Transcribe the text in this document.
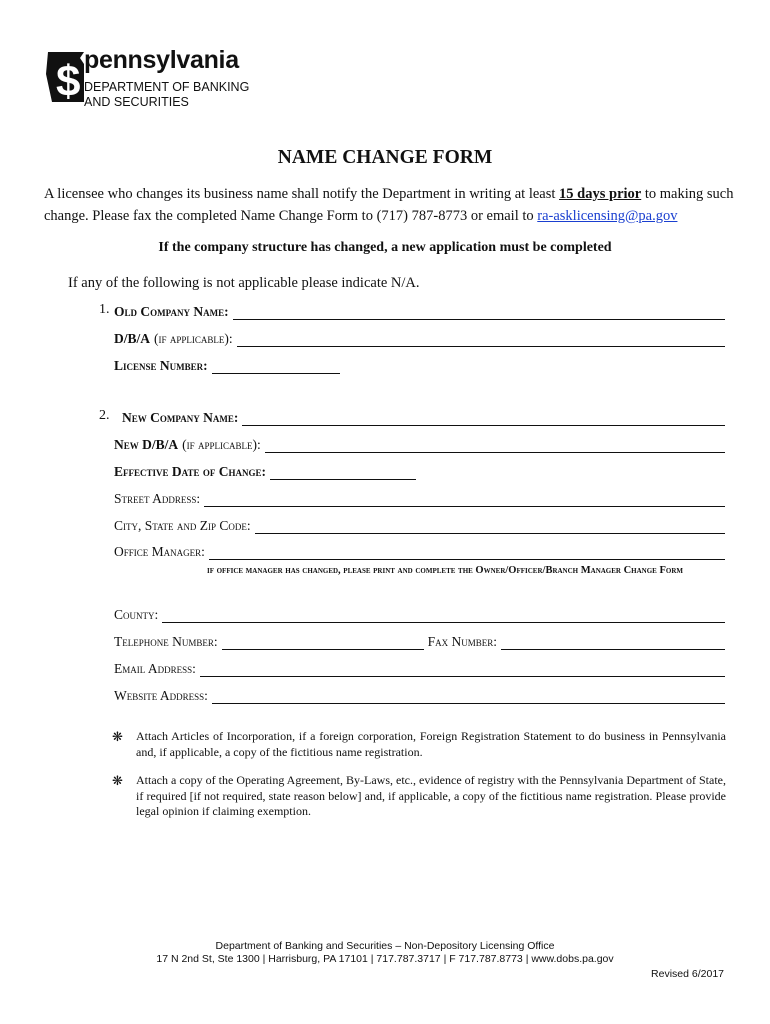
$ pennsylvania
DEPARTMENT OF BANKING
AND SECURITIES
NAME CHANGE FORM
A licensee who changes its business name shall notify the Department in writing at least 15 days prior to making such change. Please fax the completed Name Change Form to (717) 787-8773 or email to ra-asklicensing@pa.gov
If the company structure has changed, a new application must be completed
If any of the following is not applicable please indicate N/A.
1. Old Company Name:
D/B/A (if applicable):
License Number:
2. New Company Name:
New D/B/A (if applicable):
Effective Date of Change:
Street Address:
City, State and Zip Code:
Office Manager:
if office manager has changed, please print and complete the Owner/Officer/Branch Manager Change Form
County:
Telephone Number:	Fax Number:
Email Address:
Website Address:
❋ Attach Articles of Incorporation, if a foreign corporation, Foreign Registration Statement to do business in Pennsylvania and, if applicable, a copy of the fictitious name registration.
❋ Attach a copy of the Operating Agreement, By-Laws, etc., evidence of registry with the Pennsylvania Department of State, if required [if not required, state reason below] and, if applicable, a copy of the fictitious name registration. Please provide legal opinion if claiming exemption.
Department of Banking and Securities – Non-Depository Licensing Office
17 N 2nd St, Ste 1300 | Harrisburg, PA 17101 | 717.787.3717 | F 717.787.8773 | www.dobs.pa.gov
Revised 6/2017
